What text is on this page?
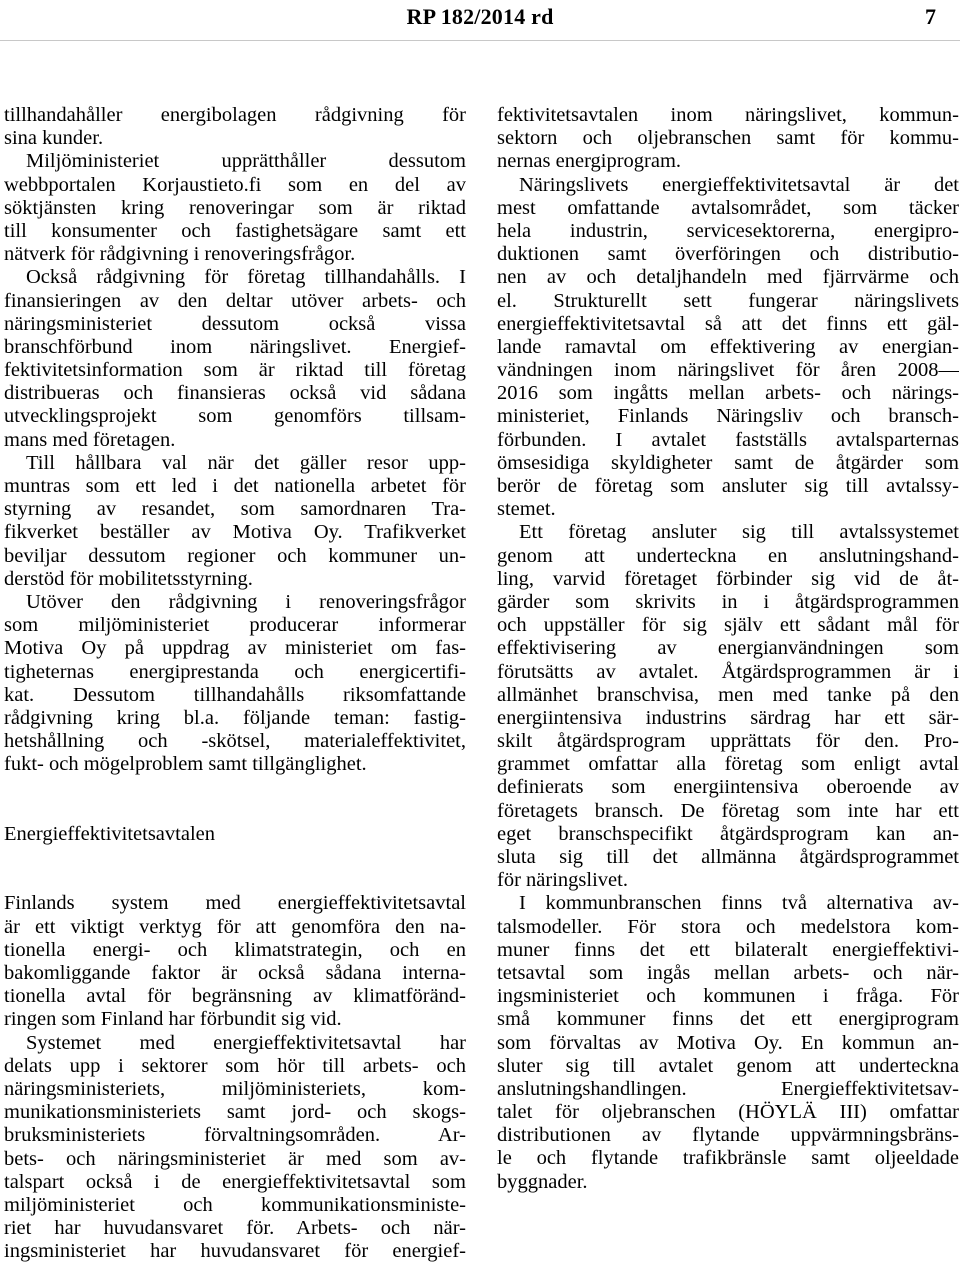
RP 182/2014 rd	7

tillhandahåller energibolagen rådgivning för

sina kunder.

Miljöministeriet upprätthåller dessutom

webbportalen Korjaustieto.fi som en del av

söktjänsten kring renoveringar som är riktad

till konsumenter och fastighetsägare samt ett

nätverk för rådgivning i renoveringsfrågor.

Också rådgivning för företag tillhandahålls. I

finansieringen av den deltar utöver arbets- och

näringsministeriet dessutom också vissa

branschförbund inom näringslivet. Energief-

fektivitetsinformation som är riktad till företag

distribueras och finansieras också vid sådana

utvecklingsprojekt som genomförs tillsam-

mans med företagen.

Till hållbara val när det gäller resor upp-

muntras som ett led i det nationella arbetet för

styrning av resandet, som samordnaren Tra-

fikverket beställer av Motiva Oy. Trafikverket

beviljar dessutom regioner och kommuner un-

derstöd för mobilitetsstyrning.

Utöver den rådgivning i renoveringsfrågor

som miljöministeriet producerar informerar

Motiva Oy på uppdrag av ministeriet om fas-

tigheternas energiprestanda och energicertifi-

kat. Dessutom tillhandahålls riksomfattande

rådgivning kring bl.a. följande teman: fastig-

hetshållning och -skötsel, materialeffektivitet,

fukt- och mögelproblem samt tillgänglighet.

Energieffektivitetsavtalen

Finlands system med energieffektivitetsavtal

är ett viktigt verktyg för att genomföra den na-

tionella energi- och klimatstrategin, och en

bakomliggande faktor är också sådana interna-

tionella avtal för begränsning av klimatföränd-

ringen som Finland har förbundit sig vid.

Systemet med energieffektivitetsavtal har

delats upp i sektorer som hör till arbets- och

näringsministeriets, miljöministeriets, kom-

munikationsministeriets samt jord- och skogs-

bruksministeriets förvaltningsområden. Ar-

bets- och näringsministeriet är med som av-

talspart också i de energieffektivitetsavtal som

miljöministeriet och kommunikationsministe-

riet har huvudansvaret för. Arbets- och när-

ingsministeriet har huvudansvaret för energief-

fektivitetsavtalen inom näringslivet, kommun-

sektorn och oljebranschen samt för kommu-

nernas energiprogram.

Näringslivets energieffektivitetsavtal är det

mest omfattande avtalsområdet, som täcker

hela industrin, servicesektorerna, energipro-

duktionen samt överföringen och distributio-

nen av och detaljhandeln med fjärrvärme och

el. Strukturellt sett fungerar näringslivets

energieffektivitetsavtal så att det finns ett gäl-

lande ramavtal om effektivering av energian-

vändningen inom näringslivet för åren 2008—

2016 som ingåtts mellan arbets- och närings-

ministeriet, Finlands Näringsliv och bransch-

förbunden. I avtalet fastställs avtalsparternas

ömsesidiga skyldigheter samt de åtgärder som

berör de företag som ansluter sig till avtalssy-

stemet.

Ett företag ansluter sig till avtalssystemet

genom att underteckna en anslutningshand-

ling, varvid företaget förbinder sig vid de åt-

gärder som skrivits in i åtgärdsprogrammen

och uppställer för sig själv ett sådant mål för

effektivisering av energianvändningen som

förutsätts av avtalet. Åtgärdsprogrammen är i

allmänhet branschvisa, men med tanke på den

energiintensiva industrins särdrag har ett sär-

skilt åtgärdsprogram upprättats för den. Pro-

grammet omfattar alla företag som enligt avtal

definierats som energiintensiva oberoende av

företagets bransch. De företag som inte har ett

eget branschspecifikt åtgärdsprogram kan an-

sluta sig till det allmänna åtgärdsprogrammet

för näringslivet.

I kommunbranschen finns två alternativa av-

talsmodeller. För stora och medelstora kom-

muner finns det ett bilateralt energieffektivi-

tetsavtal som ingås mellan arbets- och när-

ingsministeriet och kommunen i fråga. För

små kommuner finns det ett energiprogram

som förvaltas av Motiva Oy. En kommun an-

sluter sig till avtalet genom att underteckna

anslutningshandlingen. Energieffektivitetsav-

talet för oljebranschen (HÖYLÄ III) omfattar

distributionen av flytande uppvärmningsbräns-

le och flytande trafikbränsle samt oljeeldade

byggnader.
